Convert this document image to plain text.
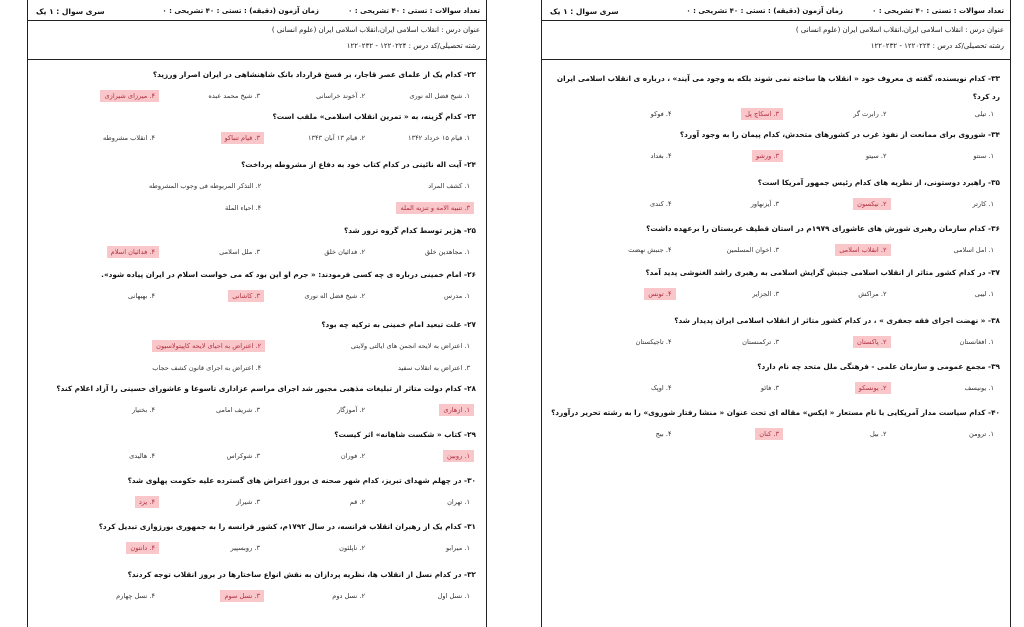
تعداد سوالات : تستی : ۴۰ تشریحی : ۰            زمان آزمون (دقیقه) : تستی : ۴۰ تشریحی : ۰
سری سوال : ۱ یک
عنوان درس : انقلاب اسلامی ایران،انقلاب اسلامی ایران (علوم انسانی )
رشته تحصیلی/کد درس : ۱۲۲۰۲۲۴ - ۱۲۲۰۲۳۲
۲۲- کدام یک از علمای عصر قاجار، بر فسخ قرارداد بانک شاهنشاهی در ایران اصرار ورزید؟
۱. شیخ فضل اله نوری
۲. آخوند خراسانی
۳. شیخ محمد عبده
۴. میرزای شیرازی
۲۳- کدام گزینه، به « تمرین انقلاب اسلامی» ملقب است؟
۱. قیام ۱۵ خرداد ۱۳۴۲
۲. قیام ۱۳ آبان ۱۳۴۳
۳. قیام تنباکو
۴. انقلاب مشروطه
۲۴- آیت اله نائینی در کدام کتاب خود به دفاع از مشروطه پرداخت؟
۱. کشف المراد
۲. التذکر المربوطه فی وجوب المشروطه
۳. تنبیه الامه و تنزیه المله
۴. احیاء الملة
۲۵- هژیر توسط کدام گروه ترور شد؟
۱. مجاهدین خلق
۲. فدائیان خلق
۳. ملل اسلامی
۴. فدائیان اسلام
۲۶- امام خمینی درباره ی چه کسی فرمودند: « جرم او این بود که می خواست اسلام در ایران پیاده شود».
۱. مدرس
۲. شیخ فضل اله نوری
۳. کاشانی
۴. بهبهانی
۲۷- علت تبعید امام خمینی به ترکیه چه بود؟
۱. اعتراض به لایحه انجمن های ایالتی ولایتی
۲. اعتراض به احیای لایحه کاپیتولاسیون
۳. اعتراض به انقلاب سفید
۴. اعتراض به اجرای قانون کشف حجاب
۲۸- کدام دولت متاثر از تبلیغات مذهبی مجبور شد اجرای مراسم عزاداری تاسوعا و عاشورای حسینی را آزاد اعلام کند؟
۱. ازهاری
۲. آموزگار
۳. شریف امامی
۴. بختیار
۲۹- کتاب « شکست شاهانه» اثر کیست؟
۱. روبین
۲. فوران
۳. شوکراس
۴. هالیدی
۳۰- در چهلم شهدای تبریز، کدام شهر صحنه ی بروز اعتراض های گسترده علیه حکومت پهلوی شد؟
۱. تهران
۲. قم
۳. شیراز
۴. یزد
۳۱- کدام یک از رهبران انقلاب فرانسه، در سال ۱۷۹۲م، کشور فرانسه را به جمهوری بورژوازی تبدیل کرد؟
۱. میرابو
۲. ناپلئون
۳. روبسپیر
۴. دانتون
۳۲- در کدام نسل از انقلاب ها، نظریه پردازان به نقش انواع ساختارها در بروز انقلاب توجه کردند؟
۱. نسل اول
۲. نسل دوم
۳. نسل سوم
۴. نسل چهارم
تعداد سوالات : تستی : ۴۰ تشریحی : ۰            زمان آزمون (دقیقه) : تستی : ۴۰ تشریحی : ۰
سری سوال : ۱ یک
عنوان درس : انقلاب اسلامی ایران،انقلاب اسلامی ایران (علوم انسانی )
رشته تحصیلی/کد درس : ۱۲۲۰۲۲۴ - ۱۲۲۰۲۳۲
۳۳- کدام نویسنده، گفته ی معروف خود « انقلاب ها ساخته نمی شوند بلکه به وجود می آیند» ، درباره ی انقلاب اسلامی ایران رد کرد؟
۱. تیلی
۲. رابرت گر
۳. اسکاچ پل
۴. فوکو
۳۴- شوروی برای ممانعت از نفوذ غرب در کشورهای متحدش، کدام پیمان را به وجود آورد؟
۱. سنتو
۲. سیتو
۳. ورشو
۴. بغداد
۳۵- راهبرد دوستونی، از نظریه های کدام رئیس جمهور آمریکا است؟
۱. کارتر
۲. نیکسون
۳. آیزنهاور
۴. کندی
۳۶- کدام سازمان رهبری شورش های عاشورای ۱۹۷۹م در استان قطیف عربستان را برعهده داشت؟
۱. امل اسلامی
۲. انقلاب اسلامی
۳. اخوان المسلمین
۴. جنبش نهضت
۳۷- در کدام کشور متاثر از انقلاب اسلامی جنبش گرایش اسلامی به رهبری راشد الغنوشی پدید آمد؟
۱. لیبی
۲. مراکش
۳. الجزایر
۴. تونس
۳۸- « نهضت اجرای فقه جعفری » ، در کدام کشور متاثر از انقلاب اسلامی ایران پدیدار شد؟
۱. افغانستان
۲. پاکستان
۳. ترکمنستان
۴. تاجیکستان
۳۹- مجمع عمومی و سازمان علمی - فرهنگی ملل متحد چه نام دارد؟
۱. یونیسف
۲. یونسکو
۳. فائو
۴. اوپک
۴۰- کدام سیاست مدار آمریکایی با نام مستعار « ایکس» مقاله ای تحت عنوان « منشا رفتار شوروی» را به رشته تحریر درآورد؟
۱. ترومن
۲. بیل
۳. کنان
۴. بیج
